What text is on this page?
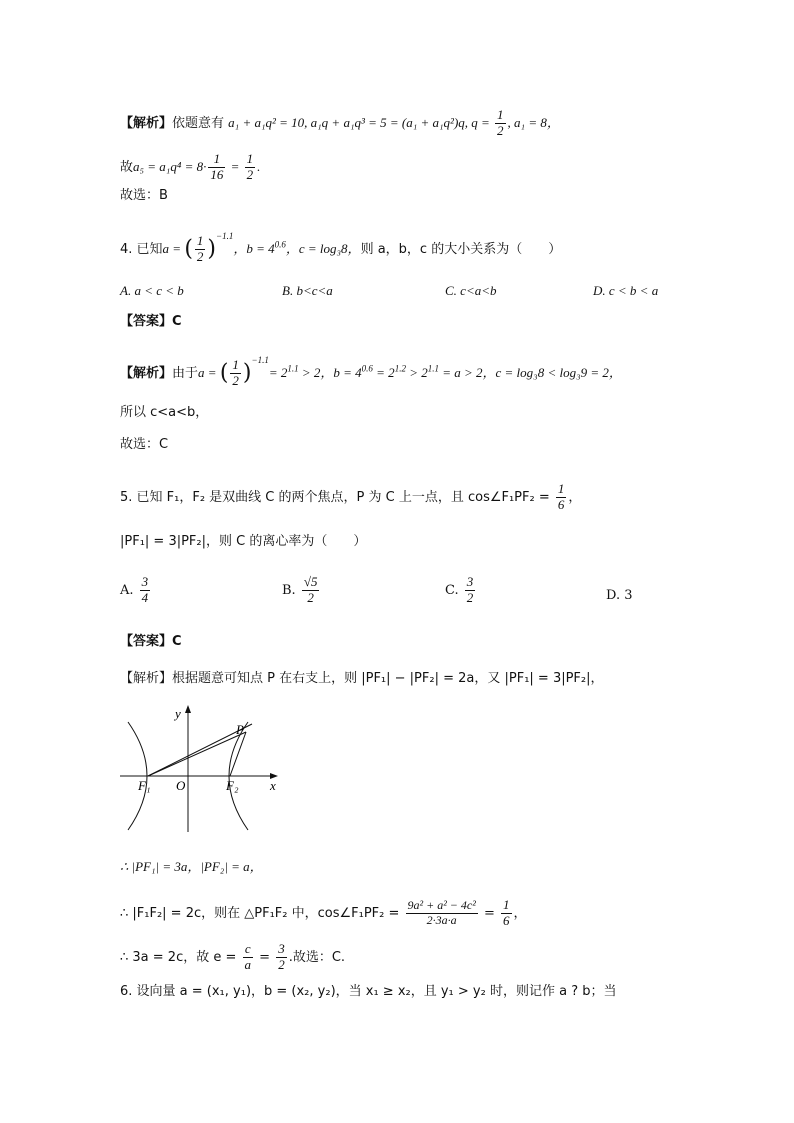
【解析】依题意有 a₁ + a₁q² = 10, a₁q + a₁q³ = 5 = (a₁ + a₁q²)q, $q = \frac{1}{2}$ , a₁ = 8，
故$a_5 = a_1q^4 = 8\cdot \frac{1}{16} = \frac{1}{2}$ .
故选：B
4. 已知a = ( $\frac{1}{2} )^{-1.1}$，$b = 4^{0.6}$，c = log₃8，则 a，b，c 的大小关系为（　　）
A. a < c < b	B. b<c<a	C. c<a<b	D. c < b < a
【答案】C
【解析】由于a = ( $\frac{1}{2} )^{-1.1}= 2^{1.1} > 2$，$b = 4^{0.6} = 2^{1.2} > 2^{1.1} = a > 2$，c = log₃8 < log₃9 = 2，
所以 c<a<b，
故选：C
5. 已知 F₁，F₂ 是双曲线 C 的两个焦点，P 为 C 上一点，且 cos∠F₁PF₂ = $\frac{1}{6}$ ，
|PF₁| = 3|PF₂|，则 C 的离心率为（　　）
A. $\frac{3}{4}$	B. $\frac{√5}{2}$	C. $\frac{3}{2}$	D. 3
【答案】C
【解析】根据题意可知点 P 在右支上，则 |PF₁| − |PF₂| = 2a，又 |PF₁| = 3|PF₂|，
y
x
P
O
F₁	F₂
∴ |PF₁| = 3a，|PF₂| = a，
∴ |F₁F₂| = 2c，则在 △PF₁F₂ 中，cos∠F₁PF₂ = $\frac{\text{9a² + a² − 4c²}}{2\cdot 3a\cdot a} = \frac{1}{6}$ ，
∴ 3a = 2c，故 $e = \frac{c}{a} = \frac{3}{2}$ .故选：C.
6. 设向量 a = (x₁, y₁)，b = (x₂, y₂)，当 x₁ ≥ x₂，且 y₁ > y₂ 时，则记作 a ? b；当
